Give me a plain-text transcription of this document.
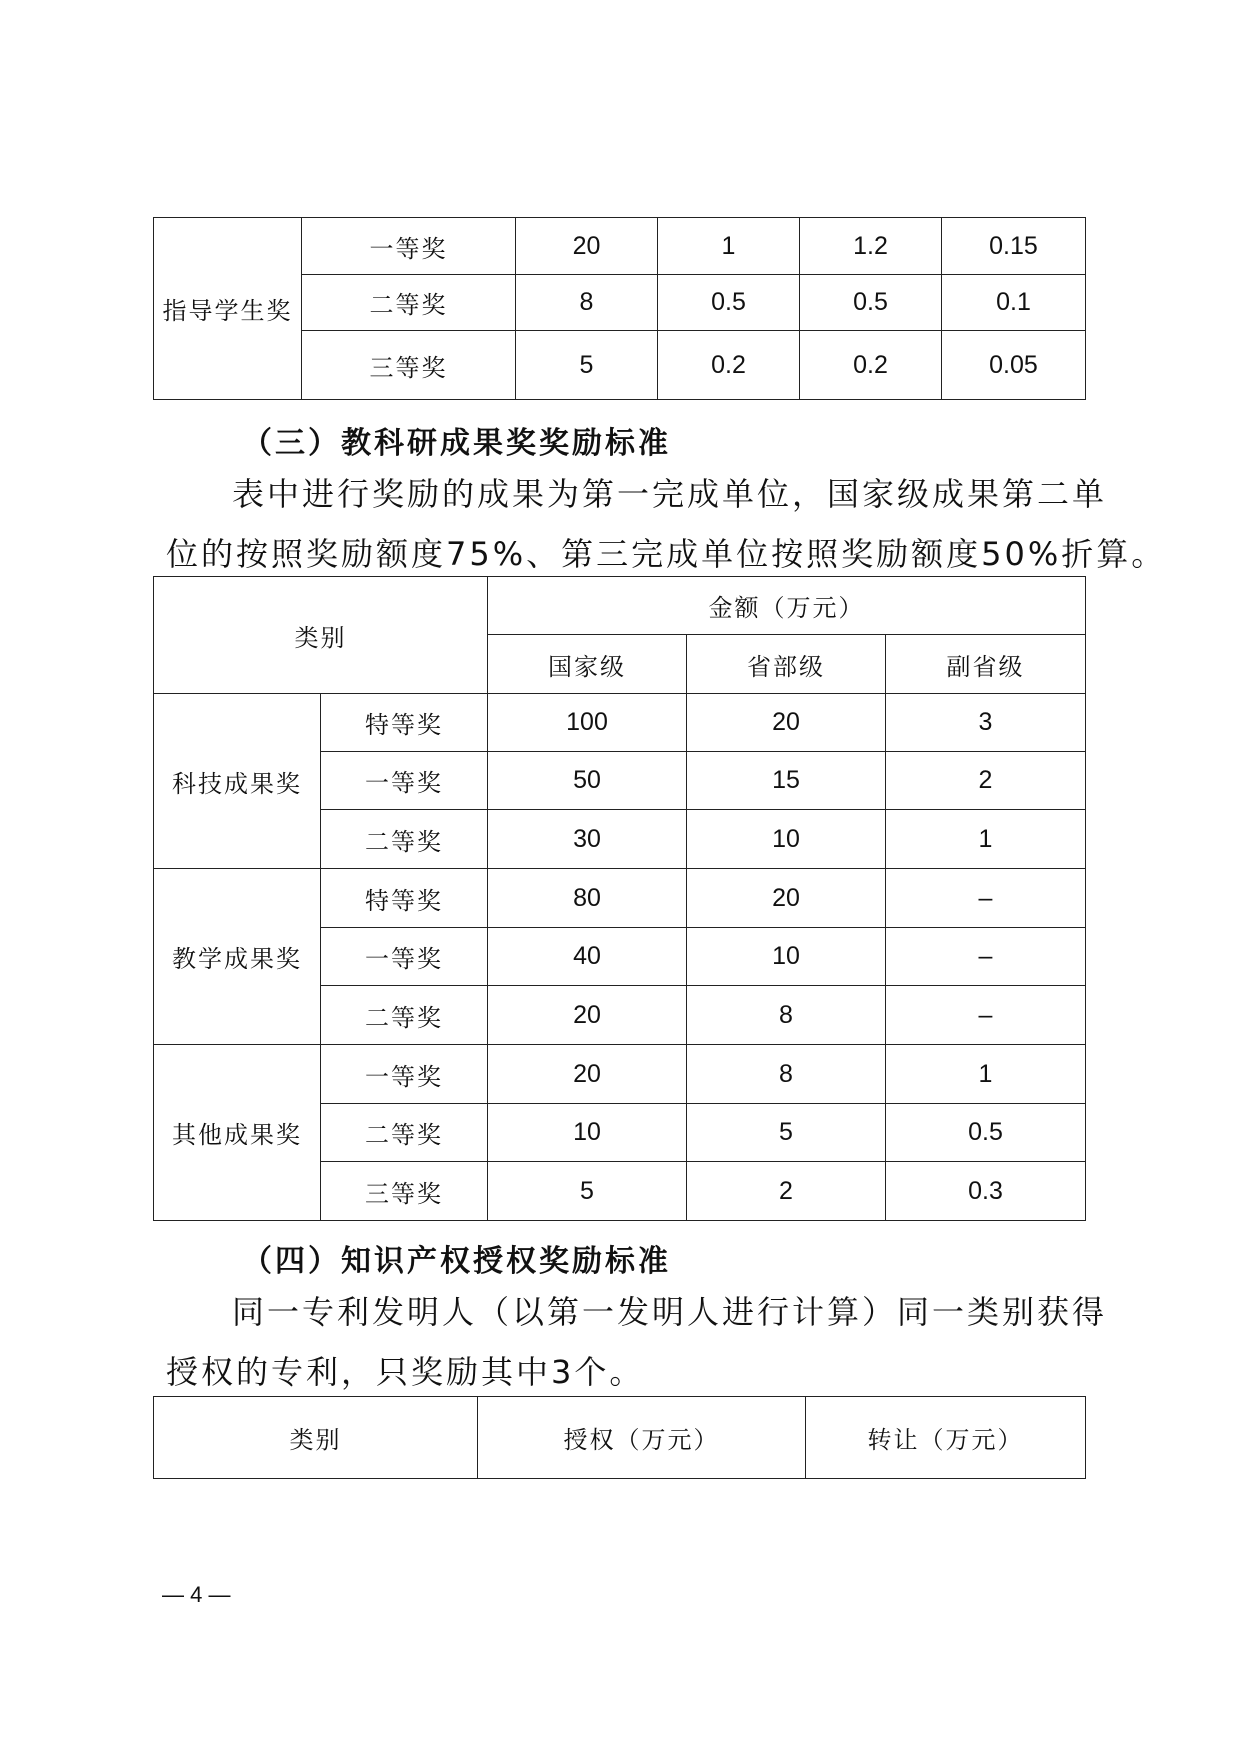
指导学生奖	一等奖	20	1	1.2	0.15
	二等奖	8	0.5	0.5	0.1
	三等奖	5	0.2	0.2	0.05
（三）教科研成果奖奖励标准
表中进行奖励的成果为第一完成单位，国家级成果第二单
位的按照奖励额度75%、第三完成单位按照奖励额度50%折算。
类别		金额（万元）		
		国家级	省部级	副省级
科技成果奖	特等奖	100	20	3
	一等奖	50	15	2
	二等奖	30	10	1
教学成果奖	特等奖	80	20	–
	一等奖	40	10	–
	二等奖	20	8	–
其他成果奖	一等奖	20	8	1
	二等奖	10	5	0.5
	三等奖	5	2	0.3
（四）知识产权授权奖励标准
同一专利发明人（以第一发明人进行计算）同一类别获得
授权的专利，只奖励其中3个。
类别	授权（万元）	转让（万元）
— 4 —
